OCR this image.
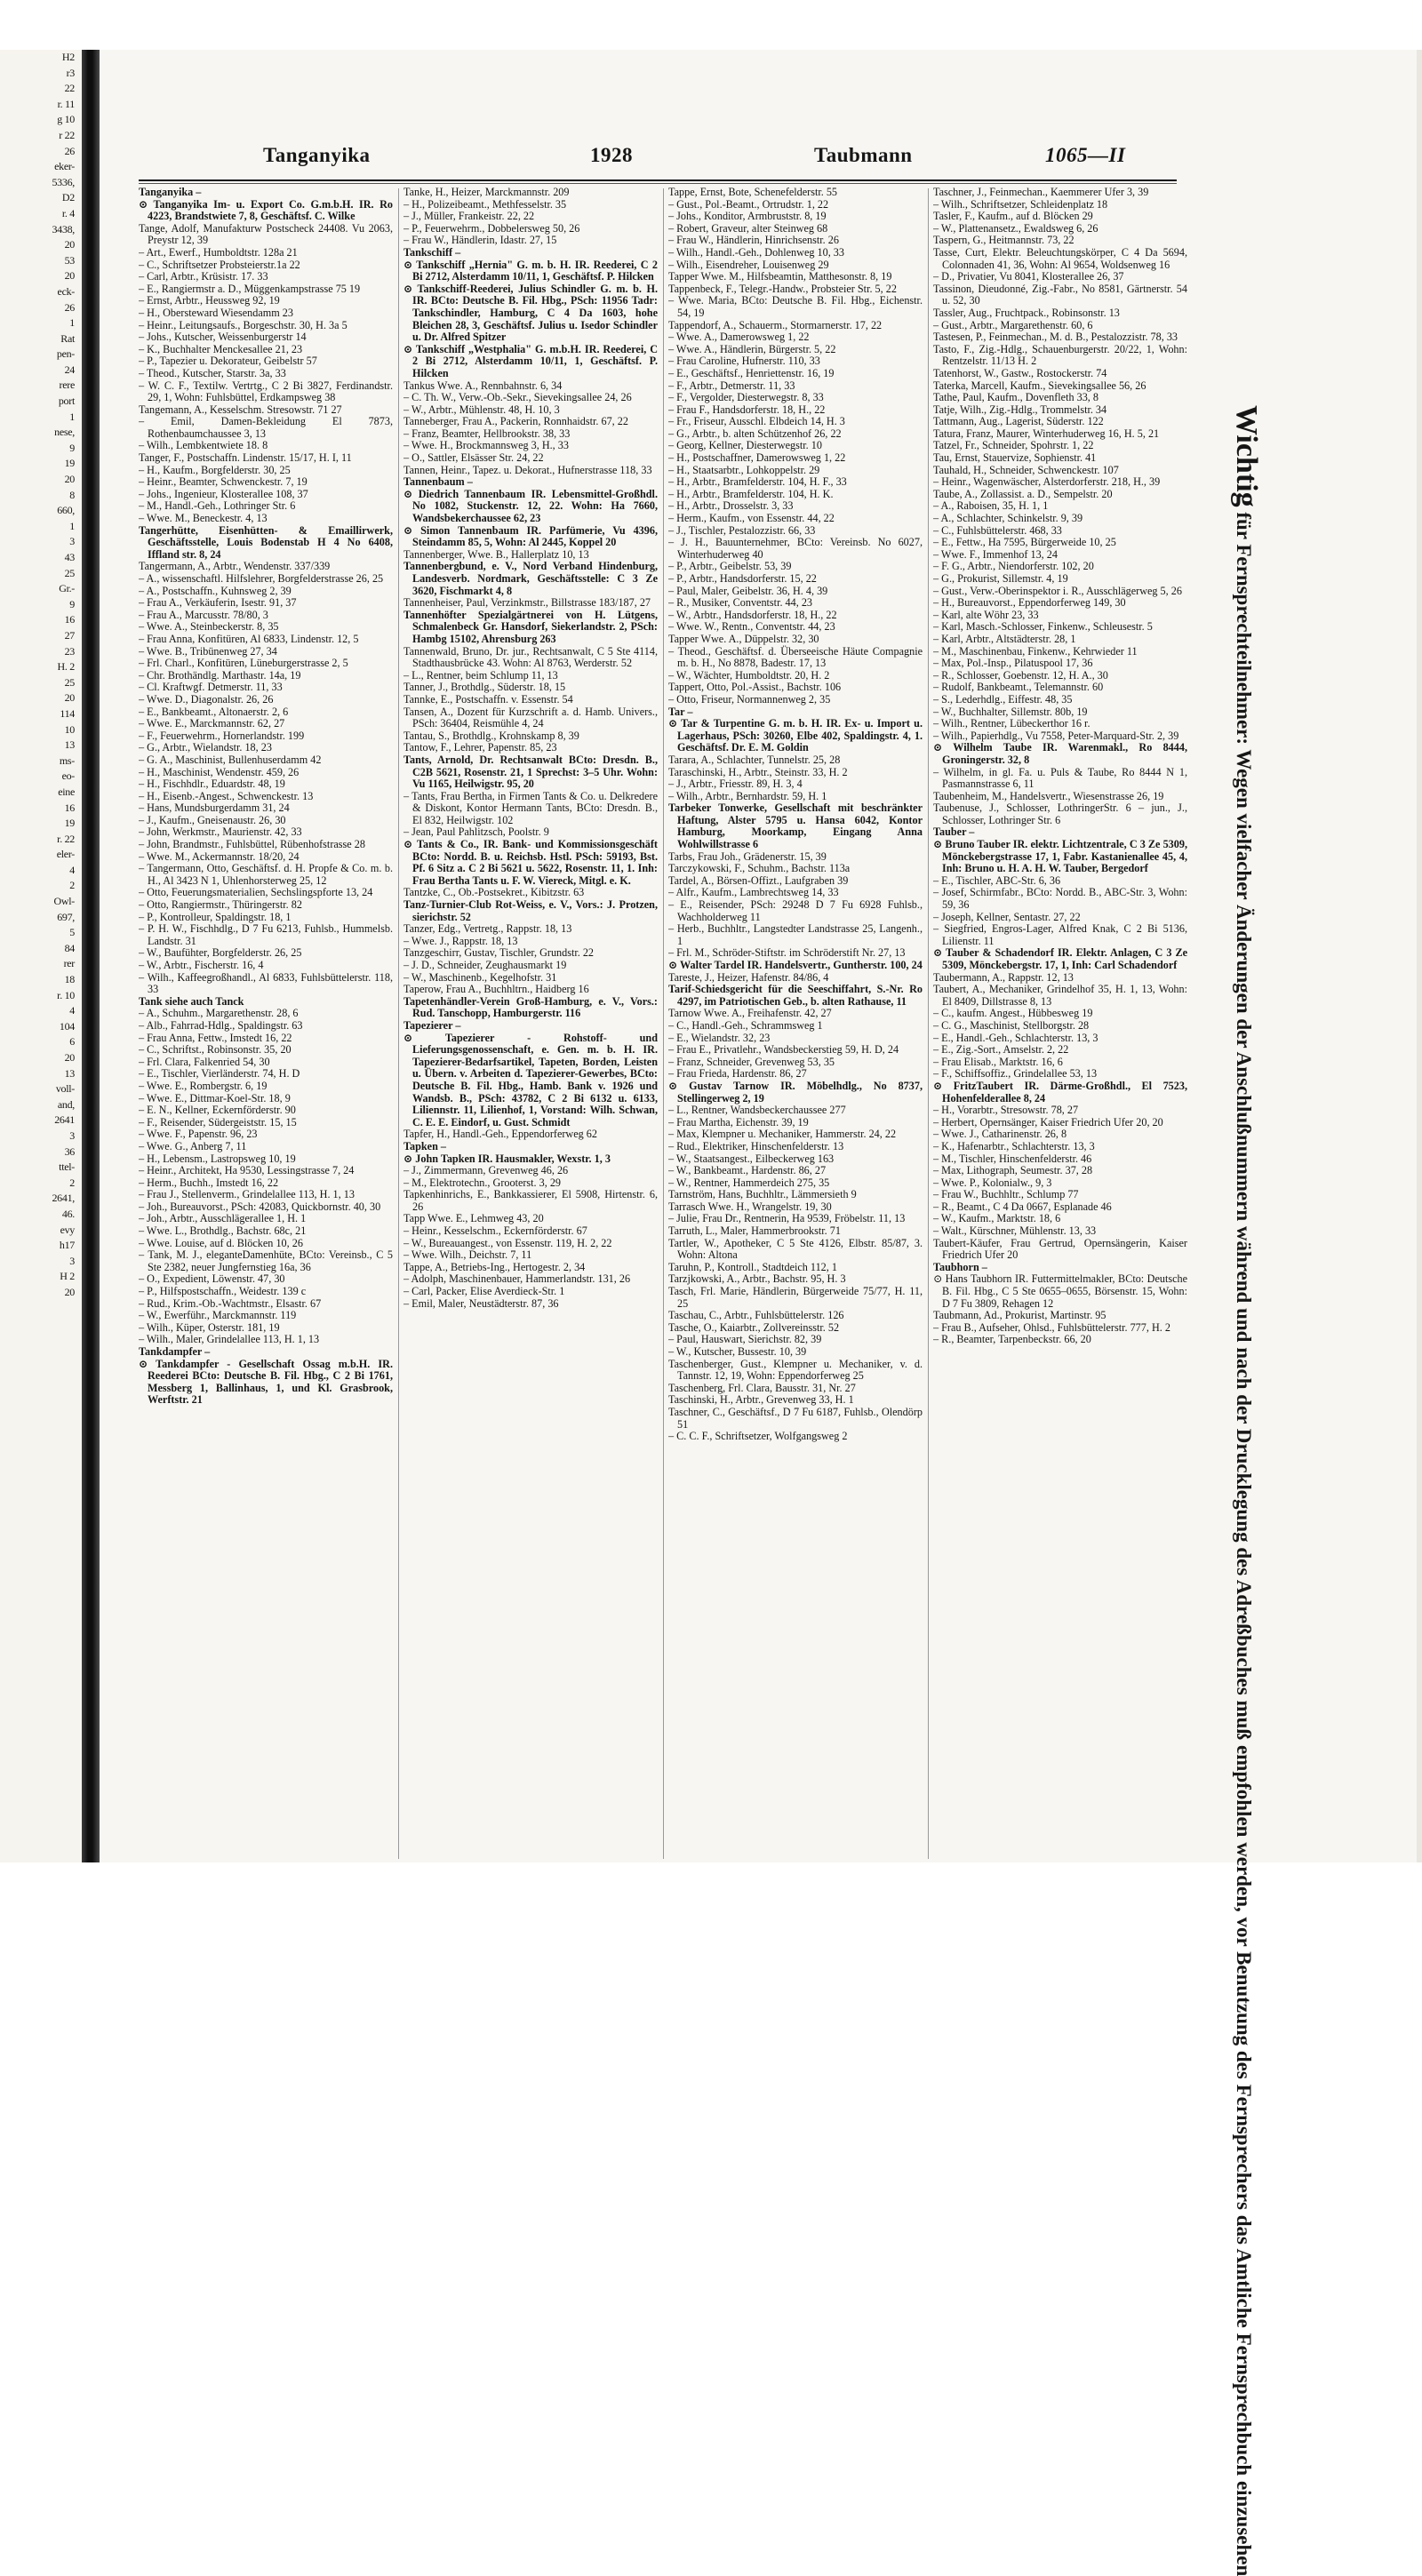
H2
r3
22
r. 11
g 10
r 22
26
eker-
5336,
D2
r. 4
3438,
20
53
20
eck-
26
1
Rat
pen-
24
rere
port
1
nese,
9
19
20
8
660,
1
3
43
25
Gr.-
9
16
27
23
H. 2
25
20
114
10
13
ms-
eo-
eine
16
19
r. 22
eler-
4
2
Owl-
697,
5
84
rer
18
r. 10
4
104
6
20
13
voll-
and,
2641
3
36
ttel-
2
2641,
46.
evy
h17
3
H 2
20
Tanganyika	1928	Taubmann	1065—II
Tanganyika –
⊙ Tanganyika Im- u. Export Co. G.m.b.H. IR. Ro 4223, Brandstwiete 7, 8, Geschäftsf. C. Wilke
Tange, Adolf, Manufakturw Postscheck 24408. Vu 2063, Preystr 12, 39
– Art., Ewerf., Humboldtstr. 128a 21
– C., Schriftsetzer Probsteierstr.1a 22
– Carl, Arbtr., Krüsistr. 17. 33
– E., Rangiermstr a. D., Müggenkampstrasse 75 19
– Ernst, Arbtr., Heussweg 92, 19
– H., Obersteward Wiesendamm 23
– Heinr., Leitungsaufs., Borgeschstr. 30, H. 3a 5
– Johs., Kutscher, Weissenburgerstr 14
– K., Buchhalter Menckesallee 21, 23
– P., Tapezier u. Dekorateur, Geibelstr 57
– Theod., Kutscher, Starstr. 3a, 33
– W. C. F., Textilw. Vertrtg., C 2 Bi 3827, Ferdinandstr. 29, 1, Wohn: Fuhlsbüttel, Erdkampsweg 38
Tangemann, A., Kesselschm. Stresowstr. 71 27
– Emil, Damen-Bekleidung El 7873, Rothenbaumchaussee 3, 13
– Wilh., Lembkentwiete 18. 8
Tanger, F., Postschaffn. Lindenstr. 15/17, H. I, 11
– H., Kaufm., Borgfelderstr. 30, 25
– Heinr., Beamter, Schwenckestr. 7, 19
– Johs., Ingenieur, Klosterallee 108, 37
– M., Handl.-Geh., Lothringer Str. 6
– Wwe. M., Beneckestr. 4, 13
Tangerhütte, Eisenhütten- & Emaillirwerk, Geschäftsstelle, Louis Bodenstab H 4 No 6408, Iffland str. 8, 24
Tangermann, A., Arbtr., Wendenstr. 337/339
– A., wissenschaftl. Hilfslehrer, Borgfelderstrasse 26, 25
– A., Postschaffn., Kuhnsweg 2, 39
– Frau A., Verkäuferin, Isestr. 91, 37
– Frau A., Marcusstr. 78/80, 3
– Wwe. A., Steinbeckerstr. 8, 35
– Frau Anna, Konfitüren, Al 6833, Lindenstr. 12, 5
– Wwe. B., Tribünenweg 27, 34
– Frl. Charl., Konfitüren, Lüneburgerstrasse 2, 5
– Chr. Brothändlg. Marthastr. 14a, 19
– Cl. Kraftwgf. Detmerstr. 11, 33
– Wwe. D., Diagonalstr. 26, 26
– E., Bankbeamt., Altonaerstr. 2, 6
– Wwe. E., Marckmannstr. 62, 27
– F., Feuerwehrm., Hornerlandstr. 199
– G., Arbtr., Wielandstr. 18, 23
– G. A., Maschinist, Bullenhuserdamm 42
– H., Maschinist, Wendenstr. 459, 26
– H., Fischhdlr., Eduardstr. 48, 19
– H., Eisenb.-Angest., Schwenckestr. 13
– Hans, Mundsburgerdamm 31, 24
– J., Kaufm., Gneisenaustr. 26, 30
– John, Werkmstr., Maurienstr. 42, 33
– John, Brandmstr., Fuhlsbüttel, Rübenhofstrasse 28
– Wwe. M., Ackermannstr. 18/20, 24
– Tangermann, Otto, Geschäftsf. d. H. Propfe & Co. m. b. H., Al 3423 N 1, Uhlenhorsterweg 25, 12
– Otto, Feuerungsmaterialien, Sechslingspforte 13, 24
– Otto, Rangiermstr., Thüringerstr. 82
– P., Kontrolleur, Spaldingstr. 18, 1
– P. H. W., Fischhdlg., D 7 Fu 6213, Fuhlsb., Hummelsb. Landstr. 31
– W., Baufühter, Borgfelderstr. 26, 25
– W., Arbtr., Fischerstr. 16, 4
– Wilh., Kaffeegroßhandl., Al 6833, Fuhlsbüttelerstr. 118, 33
Tank siehe auch Tanck
– A., Schuhm., Margarethenstr. 28, 6
– Alb., Fahrrad-Hdlg., Spaldingstr. 63
– Frau Anna, Fettw., Imstedt 16, 22
– C., Schriftst., Robinsonstr. 35, 20
– Frl. Clara, Falkenried 54, 30
– E., Tischler, Vierländerstr. 74, H. D
– Wwe. E., Rombergstr. 6, 19
– Wwe. E., Dittmar-Koel-Str. 18, 9
– E. N., Kellner, Eckernförderstr. 90
– F., Reisender, Südergeiststr. 15, 15
– Wwe. F., Papenstr. 96, 23
– Wwe. G., Anberg 7, 11
– H., Lebensm., Lastropsweg 10, 19
– Heinr., Architekt, Ha 9530, Lessingstrasse 7, 24
– Herm., Buchh., Imstedt 16, 22
– Frau J., Stellenverm., Grindelallee 113, H. 1, 13
– Joh., Bureauvorst., PSch: 42083, Quickbornstr. 40, 30
– Joh., Arbtr., Ausschlägerallee 1, H. 1
– Wwe. L., Brothdlg., Bachstr. 68c, 21
– Wwe. Louise, auf d. Blöcken 10, 26
– Tank, M. J., eleganteDamenhüte, BCto: Vereinsb., C 5 Ste 2382, neuer Jungfernstieg 16a, 36
– O., Expedient, Löwenstr. 47, 30
– P., Hilfspostschaffn., Weidestr. 139 c
– Rud., Krim.-Ob.-Wachtmstr., Elsastr. 67
– W., Ewerführ., Marckmannstr. 119
– Wilh., Küper, Osterstr. 181, 19
– Wilh., Maler, Grindelallee 113, H. 1, 13
Tankdampfer –
⊙ Tankdampfer - Gesellschaft Ossag m.b.H. IR. Reederei BCto: Deutsche B. Fil. Hbg., C 2 Bi 1761, Messberg 1, Ballinhaus, 1, und Kl. Grasbrook, Werftstr. 21
Tanke, H., Heizer, Marckmannstr. 209
– H., Polizeibeamt., Methfesselstr. 35
– J., Müller, Frankeistr. 22, 22
– P., Feuerwehrm., Dobbelersweg 50, 26
– Frau W., Händlerin, Idastr. 27, 15
Tankschiff –
⊙ Tankschiff „Hernia" G. m. b. H. IR. Reederei, C 2 Bi 2712, Alsterdamm 10/11, 1, Geschäftsf. P. Hilcken
⊙ Tankschiff-Reederei, Julius Schindler G. m. b. H. IR. BCto: Deutsche B. Fil. Hbg., PSch: 11956 Tadr: Tankschindler, Hamburg, C 4 Da 1603, hohe Bleichen 28, 3, Geschäftsf. Julius u. Isedor Schindler u. Dr. Alfred Spitzer
⊙ Tankschiff „Westphalia" G. m.b.H. IR. Reederei, C 2 Bi 2712, Alsterdamm 10/11, 1, Geschäftsf. P. Hilcken
Tankus Wwe. A., Rennbahnstr. 6, 34
– C. Th. W., Verw.-Ob.-Sekr., Sievekingsallee 24, 26
– W., Arbtr., Mühlenstr. 48, H. 10, 3
Tanneberger, Frau A., Packerin, Ronnhaidstr. 67, 22
– Franz, Beamter, Hellbrookstr. 38, 33
– Wwe. H., Brockmannsweg 3, H., 33
– O., Sattler, Elsässer Str. 24, 22
Tannen, Heinr., Tapez. u. Dekorat., Hufnerstrasse 118, 33
Tannenbaum –
⊙ Diedrich Tannenbaum IR. Lebensmittel-Großhdl. No 1082, Stuckenstr. 12, 22. Wohn: Ha 7660, Wandsbekerchaussee 62, 23
⊙ Simon Tannenbaum IR. Parfümerie, Vu 4396, Steindamm 85, 5, Wohn: Al 2445, Koppel 20
Tannenberger, Wwe. B., Hallerplatz 10, 13
Tannenbergbund, e. V., Nord Verband Hindenburg, Landesverb. Nordmark, Geschäftsstelle: C 3 Ze 3620, Fischmarkt 4, 8
Tannenheiser, Paul, Verzinkmstr., Billstrasse 183/187, 27
Tannenhöfter Spezialgärtnerei von H. Lütgens, Schmalenbeck Gr. Hansdorf, Siekerlandstr. 2, PSch: Hambg 15102, Ahrensburg 263
Tannenwald, Bruno, Dr. jur., Rechtsanwalt, C 5 Ste 4114, Stadthausbrücke 43. Wohn: Al 8763, Werderstr. 52
– L., Rentner, beim Schlump 11, 13
Tanner, J., Brothdlg., Süderstr. 18, 15
Tannke, E., Postschaffn. v. Essenstr. 54
Tansen, A., Dozent für Kurzschrift a. d. Hamb. Univers., PSch: 36404, Reismühle 4, 24
Tantau, S., Brothdlg., Krohnskamp 8, 39
Tantow, F., Lehrer, Papenstr. 85, 23
Tants, Arnold, Dr. Rechtsanwalt BCto: Dresdn. B., C2B 5621, Rosenstr. 21, 1 Sprechst: 3–5 Uhr. Wohn: Vu 1165, Heilwigstr. 95, 20
– Tants, Frau Bertha, in Firmen Tants & Co. u. Delkredere & Diskont, Kontor Hermann Tants, BCto: Dresdn. B., El 832, Heilwigstr. 102
– Jean, Paul Pahlitzsch, Poolstr. 9
⊙ Tants & Co., IR. Bank- und Kommissionsgeschäft BCto: Nordd. B. u. Reichsb. Hstl. PSch: 59193, Bst. Pf. 6 Sitz a. C 2 Bi 5621 u. 5622, Rosenstr. 11, 1. Inh: Frau Bertha Tants u. F. W. Viereck, Mitgl. e. K.
Tantzke, C., Ob.-Postsekret., Kibitzstr. 63
Tanz-Turnier-Club Rot-Weiss, e. V., Vors.: J. Protzen, sierichstr. 52
Tanzer, Edg., Vertretg., Rappstr. 18, 13
– Wwe. J., Rappstr. 18, 13
Tanzgeschirr, Gustav, Tischler, Grundstr. 22
– J. D., Schneider, Zeughausmarkt 19
– W., Maschinenb., Kegelhofstr. 31
Taperow, Frau A., Buchhltrn., Haidberg 16
Tapetenhändler-Verein Groß-Hamburg, e. V., Vors.: Rud. Tanschopp, Hamburgerstr. 116
Tapezierer –
⊙ Tapezierer - Rohstoff- und Lieferungsgenossenschaft, e. Gen. m. b. H. IR. Tapezierer-Bedarfsartikel, Tapeten, Borden, Leisten u. Übern. v. Arbeiten d. Tapezierer-Gewerbes, BCto: Deutsche B. Fil. Hbg., Hamb. Bank v. 1926 und Wandsb. B., PSch: 43782, C 2 Bi 6132 u. 6133, Liliennstr. 11, Lilienhof, 1, Vorstand: Wilh. Schwan, C. E. E. Eindorf, u. Gust. Schmidt
Tapfer, H., Handl.-Geh., Eppendorferweg 62
Tapken –
⊙ John Tapken IR. Hausmakler, Wexstr. 1, 3
– J., Zimmermann, Grevenweg 46, 26
– M., Elektrotechn., Grooterst. 3, 29
Tapkenhinrichs, E., Bankkassierer, El 5908, Hirtenstr. 6, 26
Tapp Wwe. E., Lehmweg 43, 20
– Heinr., Kesselschm., Eckernförderstr. 67
– W., Bureauangest., von Essenstr. 119, H. 2, 22
– Wwe. Wilh., Deichstr. 7, 11
Tappe, A., Betriebs-Ing., Hertogestr. 2, 34
– Adolph, Maschinenbauer, Hammerlandstr. 131, 26
– Carl, Packer, Elise Averdieck-Str. 1
– Emil, Maler, Neustädterstr. 87, 36
Tappe, Ernst, Bote, Schenefelderstr. 55
– Gust., Pol.-Beamt., Ortrudstr. 1, 22
– Johs., Konditor, Armbruststr. 8, 19
– Robert, Graveur, alter Steinweg 68
– Frau W., Händlerin, Hinrichsenstr. 26
– Wilh., Handl.-Geh., Dohlenweg 10, 33
– Wilh., Eisendreher, Louisenweg 29
Tapper Wwe. M., Hilfsbeamtin, Matthesonstr. 8, 19
Tappenbeck, F., Telegr.-Handw., Probsteier Str. 5, 22
– Wwe. Maria, BCto: Deutsche B. Fil. Hbg., Eichenstr. 54, 19
Tappendorf, A., Schauerm., Stormarnerstr. 17, 22
– Wwe. A., Damerowsweg 1, 22
– Wwe. A., Händlerin, Bürgerstr. 5, 22
– Frau Caroline, Hufnerstr. 110, 33
– E., Geschäftsf., Henriettenstr. 16, 19
– F., Arbtr., Detmerstr. 11, 33
– F., Vergolder, Diesterwegstr. 8, 33
– Frau F., Handsdorferstr. 18, H., 22
– Fr., Friseur, Ausschl. Elbdeich 14, H. 3
– G., Arbtr., b. alten Schützenhof 26, 22
– Georg, Kellner, Diesterwegstr. 10
– H., Postschaffner, Damerowsweg 1, 22
– H., Staatsarbtr., Lohkoppelstr. 29
– H., Arbtr., Bramfelderstr. 104, H. F., 33
– H., Arbtr., Bramfelderstr. 104, H. K.
– H., Arbtr., Drosselstr. 3, 33
– Herm., Kaufm., von Essenstr. 44, 22
– J., Tischler, Pestalozzistr. 66, 33
– J. H., Bauunternehmer, BCto: Vereinsb. No 6027, Winterhuderweg 40
– P., Arbtr., Geibelstr. 53, 39
– P., Arbtr., Handsdorferstr. 15, 22
– Paul, Maler, Geibelstr. 36, H. 4, 39
– R., Musiker, Conventstr. 44, 23
– W., Arbtr., Handsdorferstr. 18, H., 22
– Wwe. W., Rentn., Conventstr. 44, 23
Tapper Wwe. A., Düppelstr. 32, 30
– Theod., Geschäftsf. d. Überseeische Häute Compagnie m. b. H., No 8878, Badestr. 17, 13
– W., Wächter, Humboldtstr. 20, H. 2
Tappert, Otto, Pol.-Assist., Bachstr. 106
– Otto, Friseur, Normannenweg 2, 35
Tar –
⊙ Tar & Turpentine G. m. b. H. IR. Ex- u. Import u. Lagerhaus, PSch: 30260, Elbe 402, Spaldingstr. 4, 1. Geschäftsf. Dr. E. M. Goldin
Tarara, A., Schlachter, Tunnelstr. 25, 28
Taraschinski, H., Arbtr., Steinstr. 33, H. 2
– J., Arbtr., Friesstr. 89, H. 3, 4
– Wilh., Arbtr., Bernhardstr. 59, H. 1
Tarbeker Tonwerke, Gesellschaft mit beschränkter Haftung, Alster 5795 u. Hansa 6042, Kontor Hamburg, Moorkamp, Eingang Anna Wohlwillstrasse 6
Tarbs, Frau Joh., Grädenerstr. 15, 39
Tarczykowski, F., Schuhm., Bachstr. 113a
Tardel, A., Börsen-Offizt., Laufgraben 39
– Alfr., Kaufm., Lambrechtsweg 14, 33
– E., Reisender, PSch: 29248 D 7 Fu 6928 Fuhlsb., Wachholderweg 11
– Herb., Buchhltr., Langstedter Landstrasse 25, Langenh., 1
– Frl. M., Schröder-Stiftstr. im Schröderstift Nr. 27, 13
⊙ Walter Tardel IR. Handelsvertr., Guntherstr. 100, 24
Tareste, J., Heizer, Hafenstr. 84/86, 4
Tarif-Schiedsgericht für die Seeschiffahrt, S.-Nr. Ro 4297, im Patriotischen Geb., b. alten Rathause, 11
Tarnow Wwe. A., Freihafenstr. 42, 27
– C., Handl.-Geh., Schrammsweg 1
– E., Wielandstr. 32, 23
– Frau E., Privatlehr., Wandsbeckerstieg 59, H. D, 24
– Franz, Schneider, Grevenweg 53, 35
– Frau Frieda, Hardenstr. 86, 27
⊙ Gustav Tarnow IR. Möbelhdlg., No 8737, Stellingerweg 2, 19
– L., Rentner, Wandsbeckerchaussee 277
– Frau Martha, Eichenstr. 39, 19
– Max, Klempner u. Mechaniker, Hammerstr. 24, 22
– Rud., Elektriker, Hinschenfelderstr. 13
– W., Staatsangest., Eilbeckerweg 163
– W., Bankbeamt., Hardenstr. 86, 27
– W., Rentner, Hammerdeich 275, 35
Tarnström, Hans, Buchhltr., Lämmersieth 9
Tarrasch Wwe. H., Wrangelstr. 19, 30
– Julie, Frau Dr., Rentnerin, Ha 9539, Fröbelstr. 11, 13
Tarruth, L., Maler, Hammerbrookstr. 71
Tartler, W., Apotheker, C 5 Ste 4126, Elbstr. 85/87, 3. Wohn: Altona
Taruhn, P., Kontroll., Stadtdeich 112, 1
Tarzjkowski, A., Arbtr., Bachstr. 95, H. 3
Tasch, Frl. Marie, Händlerin, Bürgerweide 75/77, H. 11, 25
Taschau, C., Arbtr., Fuhlsbüttelerstr. 126
Tasche, O., Kaiarbtr., Zollvereinsstr. 52
– Paul, Hauswart, Sierichstr. 82, 39
– W., Kutscher, Bussestr. 10, 39
Taschenberger, Gust., Klempner u. Mechaniker, v. d. Tannstr. 12, 19, Wohn: Eppendorferweg 25
Taschenberg, Frl. Clara, Bausstr. 31, Nr. 27
Taschinski, H., Arbtr., Grevenweg 33, H. 1
Taschner, C., Geschäftsf., D 7 Fu 6187, Fuhlsb., Olendörp 51
– C. C. F., Schriftsetzer, Wolfgangsweg 2
Taschner, J., Feinmechan., Kaemmerer Ufer 3, 39
– Wilh., Schriftsetzer, Schleidenplatz 18
Tasler, F., Kaufm., auf d. Blöcken 29
– W., Plattenansetz., Ewaldsweg 6, 26
Taspern, G., Heitmannstr. 73, 22
Tasse, Curt, Elektr. Beleuchtungskörper, C 4 Da 5694, Colonnaden 41, 36, Wohn: Al 9654, Woldsenweg 16
– D., Privatier, Vu 8041, Klosterallee 26, 37
Tassinon, Dieudonné, Zig.-Fabr., No 8581, Gärtnerstr. 54 u. 52, 30
Tassler, Aug., Fruchtpack., Robinsonstr. 13
– Gust., Arbtr., Margarethenstr. 60, 6
Tastesen, P., Feinmechan., M. d. B., Pestalozzistr. 78, 33
Tasto, F., Zig.-Hdlg., Schauenburgerstr. 20/22, 1, Wohn: Rentzelstr. 11/13 H. 2
Tatenhorst, W., Gastw., Rostockerstr. 74
Taterka, Marcell, Kaufm., Sievekingsallee 56, 26
Tathe, Paul, Kaufm., Dovenfleth 33, 8
Tatje, Wilh., Zig.-Hdlg., Trommelstr. 34
Tattmann, Aug., Lagerist, Süderstr. 122
Tatura, Franz, Maurer, Winterhuderweg 16, H. 5, 21
Tatzel, Fr., Schneider, Spohrstr. 1, 22
Tau, Ernst, Stauervize, Sophienstr. 41
Tauhald, H., Schneider, Schwenckestr. 107
– Heinr., Wagenwäscher, Alsterdorferstr. 218, H., 39
Taube, A., Zollassist. a. D., Sempelstr. 20
– A., Raboisen, 35, H. 1, 1
– A., Schlachter, Schinkelstr. 9, 39
– C., Fuhlsbüttelerstr. 468, 33
– E., Fettw., Ha 7595, Bürgerweide 10, 25
– Wwe. F., Immenhof 13, 24
– F. G., Arbtr., Niendorferstr. 102, 20
– G., Prokurist, Sillemstr. 4, 19
– Gust., Verw.-Oberinspektor i. R., Ausschlägerweg 5, 26
– H., Bureauvorst., Eppendorferweg 149, 30
– Karl, alte Wöhr 23, 33
– Karl, Masch.-Schlosser, Finkenw., Schleusestr. 5
– Karl, Arbtr., Altstädterstr. 28, 1
– M., Maschinenbau, Finkenw., Kehrwieder 11
– Max, Pol.-Insp., Pilatuspool 17, 36
– R., Schlosser, Goebenstr. 12, H. A., 30
– Rudolf, Bankbeamt., Telemannstr. 60
– S., Lederhdlg., Eiffestr. 48, 35
– W., Buchhalter, Sillemstr. 80b, 19
– Wilh., Rentner, Lübeckerthor 16 r.
– Wilh., Papierhdlg., Vu 7558, Peter-Marquard-Str. 2, 39
⊙ Wilhelm Taube IR. Warenmakl., Ro 8444, Groningerstr. 32, 8
– Wilhelm, in gl. Fa. u. Puls & Taube, Ro 8444 N 1, Pasmannstrasse 6, 11
Taubenheim, M., Handelsvertr., Wiesenstrasse 26, 19
Taubenuse, J., Schlosser, LothringerStr. 6 – jun., J., Schlosser, Lothringer Str. 6
Tauber –
⊙ Bruno Tauber IR. elektr. Lichtzentrale, C 3 Ze 5309, Mönckebergstrasse 17, 1, Fabr. Kastanienallee 45, 4, Inh: Bruno u. H. A. H. W. Tauber, Bergedorf
– E., Tischler, ABC-Str. 6, 36
– Josef, Schirmfabr., BCto: Nordd. B., ABC-Str. 3, Wohn: 59, 36
– Joseph, Kellner, Sentastr. 27, 22
– Siegfried, Engros-Lager, Alfred Knak, C 2 Bi 5136, Lilienstr. 11
⊙ Tauber & Schadendorf IR. Elektr. Anlagen, C 3 Ze 5309, Mönckebergstr. 17, 1, Inh: Carl Schadendorf
Taubermann, A., Rappstr. 12, 13
Taubert, A., Mechaniker, Grindelhof 35, H. 1, 13, Wohn: El 8409, Dillstrasse 8, 13
– C., kaufm. Angest., Hübbesweg 19
– C. G., Maschinist, Stellborgstr. 28
– E., Handl.-Geh., Schlachterstr. 13, 3
– E., Zig.-Sort., Amselstr. 2, 22
– Frau Elisab., Marktstr. 16, 6
– F., Schiffsoffiz., Grindelallee 53, 13
⊙ FritzTaubert IR. Därme-Großhdl., El 7523, Hohenfelderallee 8, 24
– H., Vorarbtr., Stresowstr. 78, 27
– Herbert, Opernsänger, Kaiser Friedrich Ufer 20, 20
– Wwe. J., Catharinenstr. 26, 8
– K., Hafenarbtr., Schlachterstr. 13, 3
– M., Tischler, Hinschenfelderstr. 46
– Max, Lithograph, Seumestr. 37, 28
– Wwe. P., Kolonialw., 9, 3
– Frau W., Buchhltr., Schlump 77
– R., Beamt., C 4 Da 0667, Esplanade 46
– W., Kaufm., Marktstr. 18, 6
– Walt., Kürschner, Mühlenstr. 13, 33
Taubert-Käufer, Frau Gertrud, Opernsängerin, Kaiser Friedrich Ufer 20
Taubhorn –
⊙ Hans Taubhorn IR. Futtermittelmakler, BCto: Deutsche B. Fil. Hbg., C 5 Ste 0655–0655, Börsenstr. 15, Wohn: D 7 Fu 3809, Rehagen 12
Taubmann, Ad., Prokurist, Martinstr. 95
– Frau B., Aufseher, Ohlsd., Fuhlsbüttelerstr. 777, H. 2
– R., Beamter, Tarpenbeckstr. 66, 20
Wichtig für Fernsprechteilnehmer: Wegen vielfacher Änderungen der Anschlußnummern während und nach der Drucklegung des Adreßbuches muß empfohlen werden, vor Benutzung des Fernsprechers das Amtliche Fernsprechbuch einzusehen
